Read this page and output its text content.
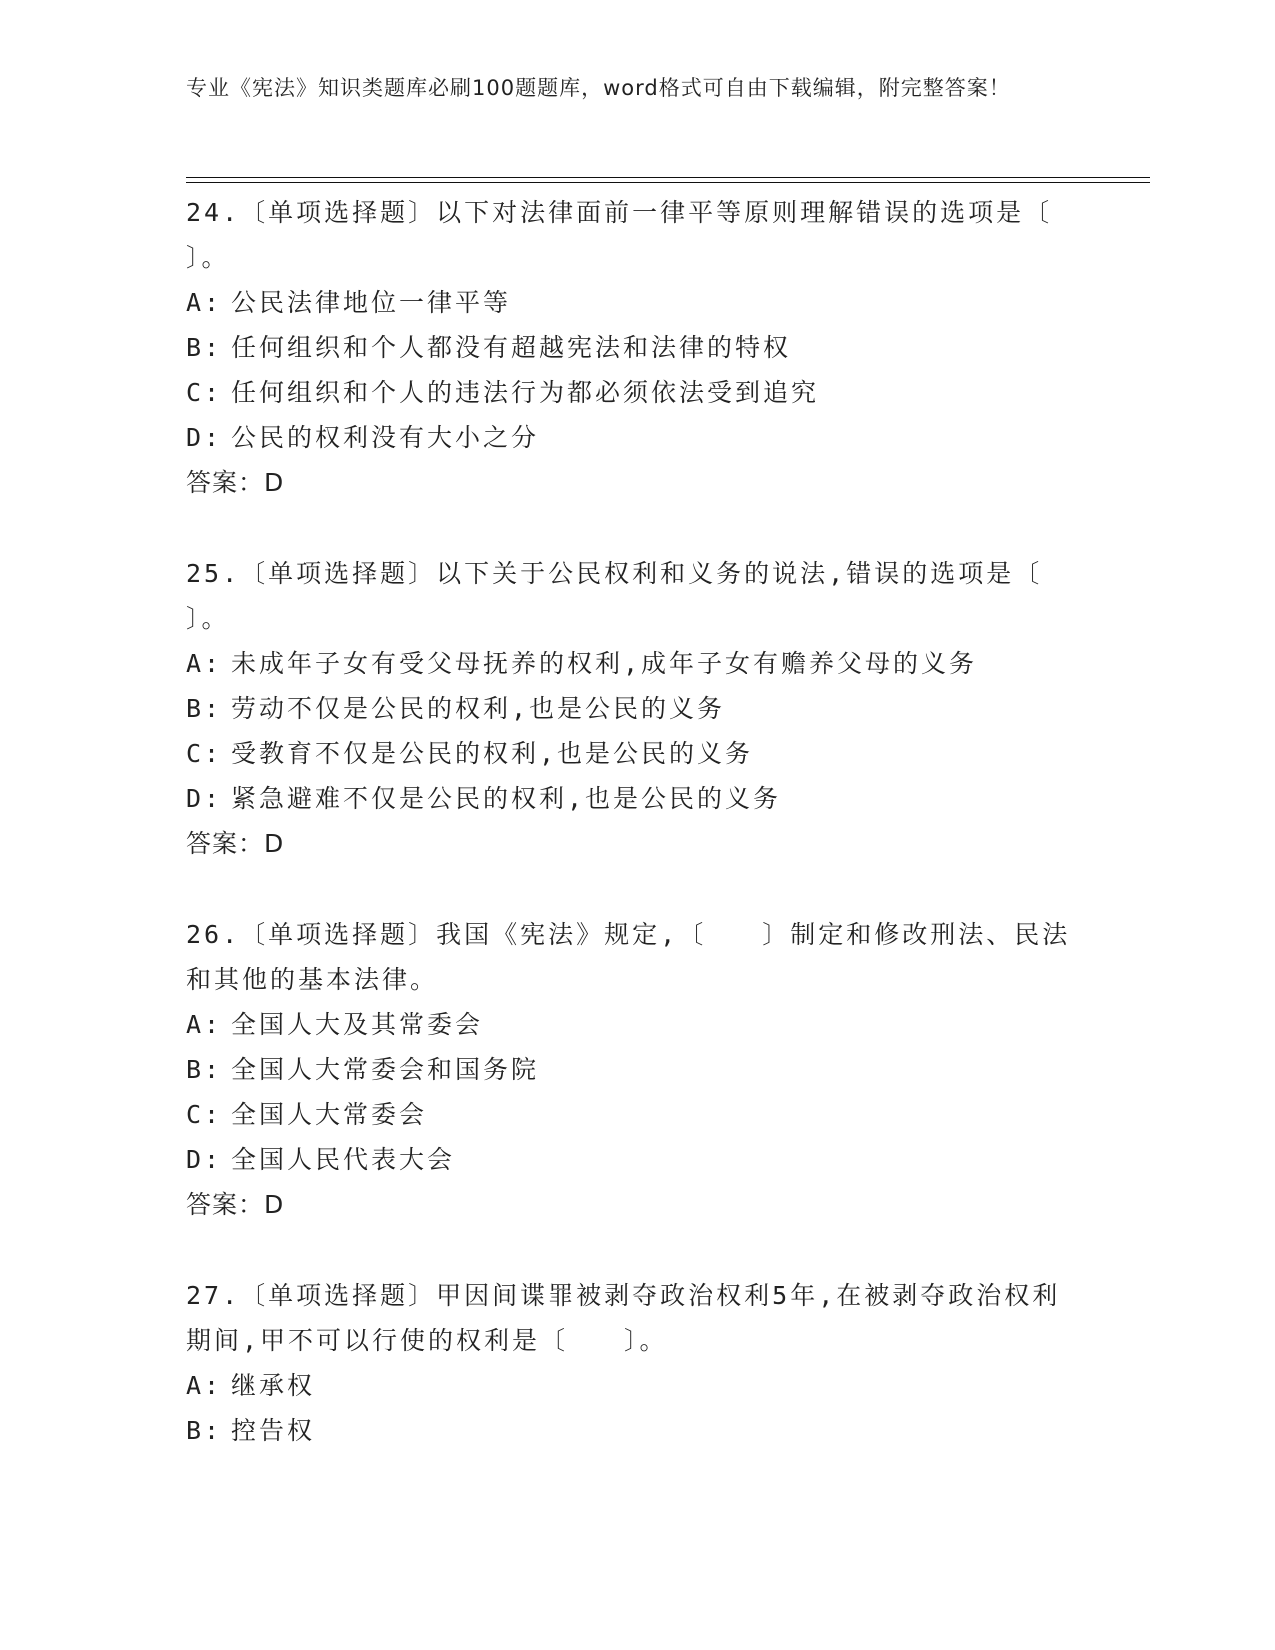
专业《宪法》知识类题库必刷100题题库，word格式可自由下载编辑，附完整答案！

24.〔单项选择题〕以下对法律面前一律平等原则理解错误的选项是〔 〕。

A: 公民法律地位一律平等

B: 任何组织和个人都没有超越宪法和法律的特权

C: 任何组织和个人的违法行为都必须依法受到追究

D: 公民的权利没有大小之分

答案：D

25.〔单项选择题〕以下关于公民权利和义务的说法,错误的选项是〔 〕。

A: 未成年子女有受父母抚养的权利,成年子女有赡养父母的义务

B: 劳动不仅是公民的权利,也是公民的义务

C: 受教育不仅是公民的权利,也是公民的义务

D: 紧急避难不仅是公民的权利,也是公民的义务

答案：D

26.〔单项选择题〕我国《宪法》规定,〔　　〕制定和修改刑法、民法和其他的基本法律。

A: 全国人大及其常委会

B: 全国人大常委会和国务院

C: 全国人大常委会

D: 全国人民代表大会

答案：D

27.〔单项选择题〕甲因间谍罪被剥夺政治权利5年,在被剥夺政治权利期间,甲不可以行使的权利是〔　　〕。

A: 继承权

B: 控告权
